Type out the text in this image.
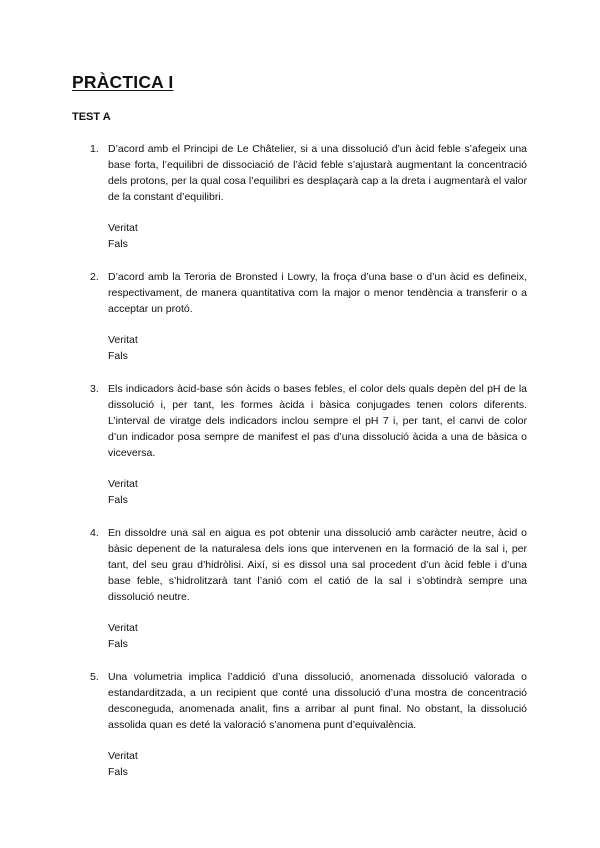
PRÀCTICA I
TEST A
1. D’acord amb el Principi de Le Châtelier, si a una dissolució d’un àcid feble s’afegeix una base forta, l’equilibri de dissociació de l’àcid feble s’ajustarà augmentant la concentració dels protons, per la qual cosa l’equilibri es desplaçarà cap a la dreta i augmentarà el valor de la constant d’equilibri.
Veritat
Fals
2. D’acord amb la Teroria de Bronsted i Lowry, la froça d’una base o d’un àcid es defineix, respectivament, de manera quantitativa com la major o menor tendència a transferir o a acceptar un protó.
Veritat
Fals
3. Els indicadors àcid-base són àcids o bases febles, el color dels quals depèn del pH de la dissolució i, per tant, les formes àcida i bàsica conjugades tenen colors diferents. L’interval de viratge dels indicadors inclou sempre el pH 7 i, per tant, el canvi de color d’un indicador posa sempre de manifest el pas d’una dissolució àcida a una de bàsica o viceversa.
Veritat
Fals
4. En dissoldre una sal en aigua es pot obtenir una dissolució amb caràcter neutre, àcid o bàsic depenent de la naturalesa dels ions que intervenen en la formació de la sal i, per tant, del seu grau d’hidròlisi. Així, si es dissol una sal procedent d’un àcid feble i d’una base feble, s’hidrolitzarà tant l’anió com el catió de la sal i s’obtindrà sempre una dissolució neutre.
Veritat
Fals
5. Una volumetria implica l’addició d’una dissolució, anomenada dissolució valorada o estandarditzada, a un recipient que conté una dissolució d’una mostra de concentració desconeguda, anomenada analit, fins a arribar al punt final. No obstant, la dissolució assolida quan es deté la valoració s’anomena punt d’equivalència.
Veritat
Fals
